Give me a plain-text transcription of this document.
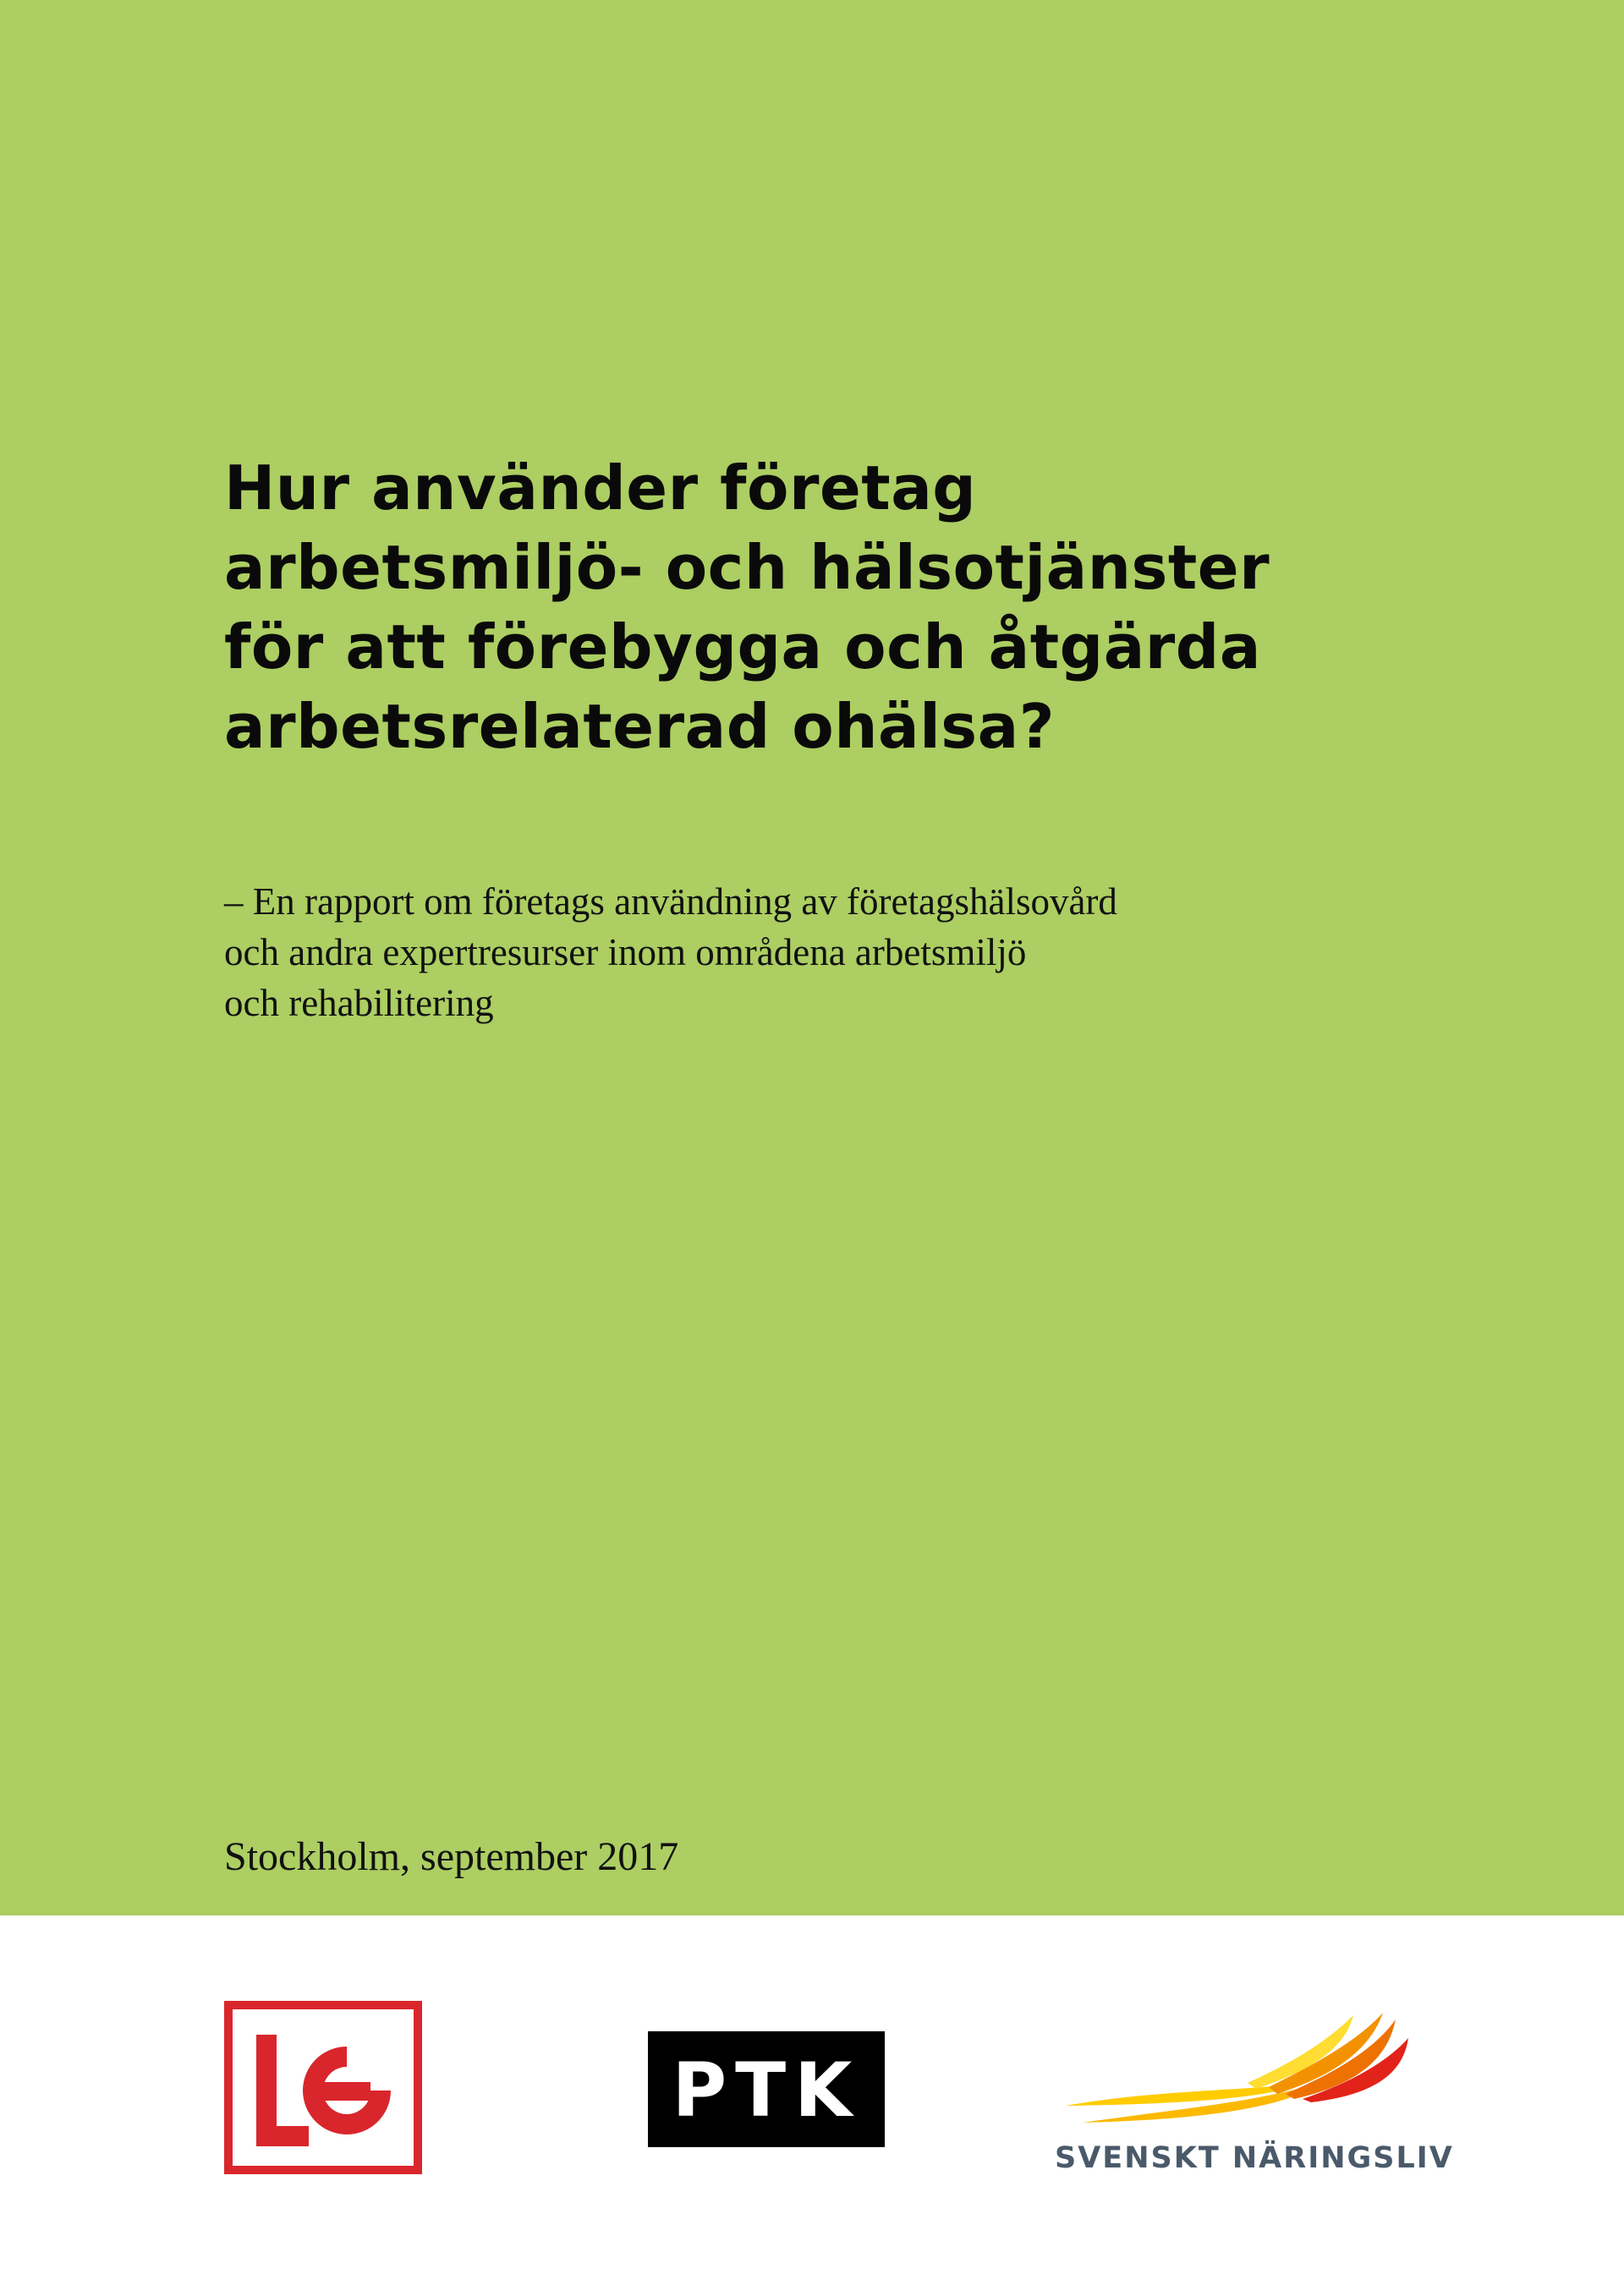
Hur använder företag
arbetsmiljö- och hälsotjänster
för att förebygga och åtgärda
arbetsrelaterad ohälsa?
– En rapport om företags användning av företagshälsovård
och andra expertresurser inom områdena arbetsmiljö
och rehabilitering
Stockholm, september 2017
PTK
SVENSKT NÄRINGSLIV
